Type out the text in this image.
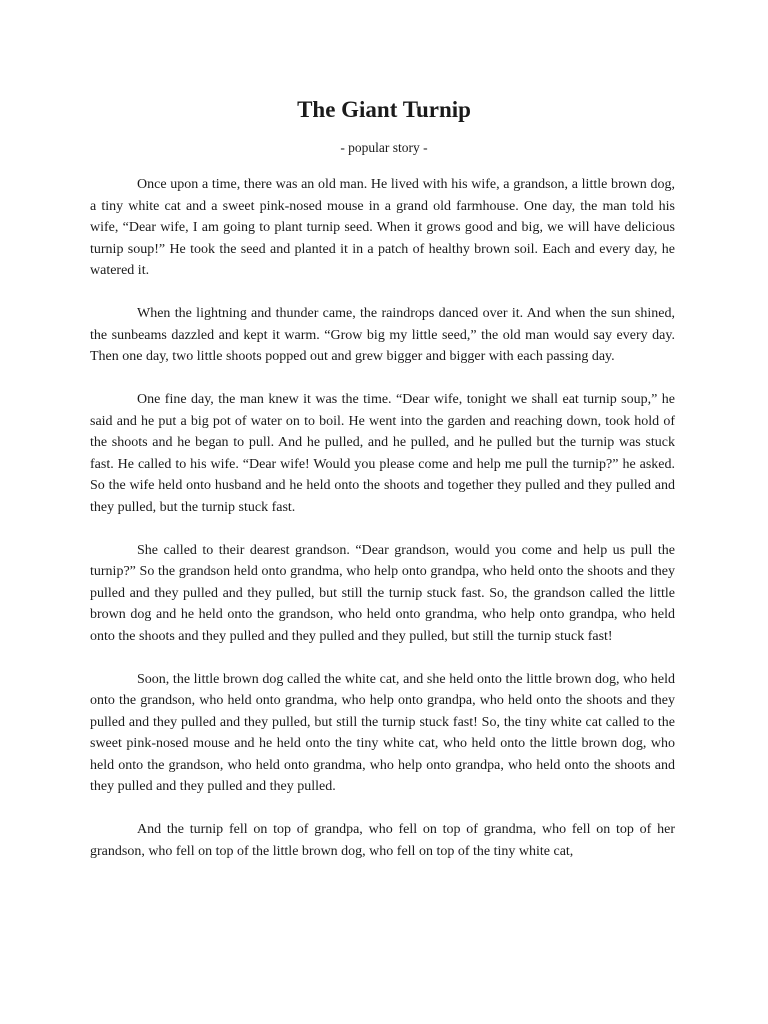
The Giant Turnip

- popular story -

Once upon a time, there was an old man. He lived with his wife, a grandson, a little brown dog, a tiny white cat and a sweet pink-nosed mouse in a grand old farmhouse. One day, the man told his wife, “Dear wife, I am going to plant turnip seed. When it grows good and big, we will have delicious turnip soup!” He took the seed and planted it in a patch of healthy brown soil. Each and every day, he watered it.

When the lightning and thunder came, the raindrops danced over it. And when the sun shined, the sunbeams dazzled and kept it warm. “Grow big my little seed,” the old man would say every day. Then one day, two little shoots popped out and grew bigger and bigger with each passing day.

One fine day, the man knew it was the time. “Dear wife, tonight we shall eat turnip soup,” he said and he put a big pot of water on to boil. He went into the garden and reaching down, took hold of the shoots and he began to pull. And he pulled, and he pulled, and he pulled but the turnip was stuck fast. He called to his wife. “Dear wife! Would you please come and help me pull the turnip?” he asked. So the wife held onto husband and he held onto the shoots and together they pulled and they pulled and they pulled, but the turnip stuck fast.

She called to their dearest grandson. “Dear grandson, would you come and help us pull the turnip?” So the grandson held onto grandma, who help onto grandpa, who held onto the shoots and they pulled and they pulled and they pulled, but still the turnip stuck fast. So, the grandson called the little brown dog and he held onto the grandson, who held onto grandma, who help onto grandpa, who held onto the shoots and they pulled and they pulled and they pulled, but still the turnip stuck fast!

Soon, the little brown dog called the white cat, and she held onto the little brown dog, who held onto the grandson, who held onto grandma, who help onto grandpa, who held onto the shoots and they pulled and they pulled and they pulled, but still the turnip stuck fast! So, the tiny white cat called to the sweet pink-nosed mouse and he held onto the tiny white cat, who held onto the little brown dog, who held onto the grandson, who held onto grandma, who help onto grandpa, who held onto the shoots and they pulled and they pulled and they pulled.

And the turnip fell on top of grandpa, who fell on top of grandma, who fell on top of her grandson, who fell on top of the little brown dog, who fell on top of the tiny white cat,
